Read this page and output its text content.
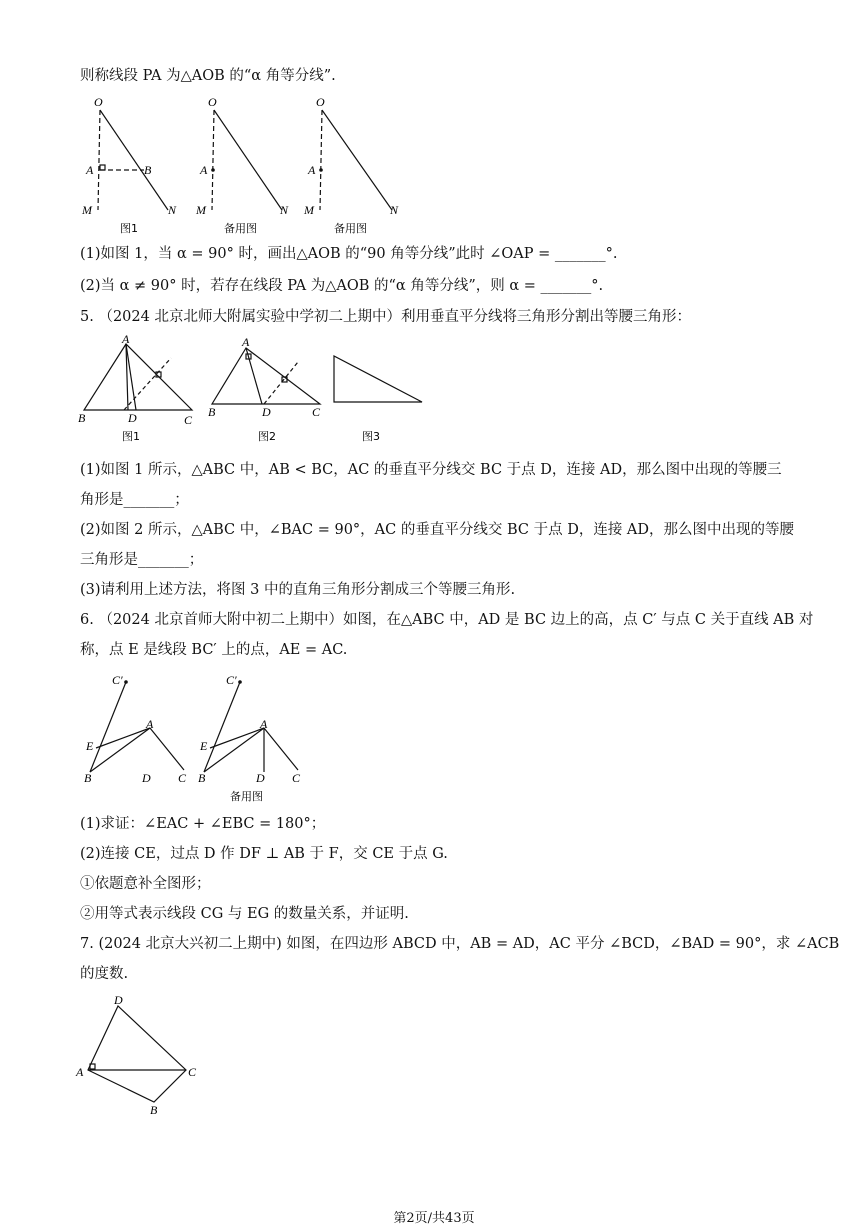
则称线段 PA 为△AOB 的“α 角等分线”.
O
A	B
M	N
图1
O
A
M	N
备用图
O
A
M	N
备用图
(1)如图 1，当 α = 90° 时，画出△AOB 的“90 角等分线”此时 ∠OAP = _______°.
(2)当 α ≠ 90° 时，若存在线段 PA 为△AOB 的“α 角等分线”，则 α = _______°.
5. （2024 北京北师大附属实验中学初二上期中）利用垂直平分线将三角形分割出等腰三角形：
A
B	D	C
图1
A
B	D	C
图2	图3
(1)如图 1 所示，△ABC 中，AB < BC，AC 的垂直平分线交 BC 于点 D，连接 AD，那么图中出现的等腰三
角形是_______；
(2)如图 2 所示，△ABC 中，∠BAC = 90°，AC 的垂直平分线交 BC 于点 D，连接 AD，那么图中出现的等腰
三角形是_______；
(3)请利用上述方法，将图 3 中的直角三角形分割成三个等腰三角形.
6. （2024 北京首师大附中初二上期中）如图，在△ABC 中，AD 是 BC 边上的高，点 C′ 与点 C 关于直线 AB 对
称，点 E 是线段 BC′ 上的点，AE = AC.
C′
A
E
B	D C
C′
A
E
B	D C
备用图
(1)求证：∠EAC + ∠EBC = 180°；
(2)连接 CE，过点 D 作 DF ⊥ AB 于 F，交 CE 于点 G.
①依题意补全图形；
②用等式表示线段 CG 与 EG 的数量关系，并证明.
7. (2024 北京大兴初二上期中) 如图，在四边形 ABCD 中，AB = AD，AC 平分 ∠BCD，∠BAD = 90°，求 ∠ACB
的度数.
D
A	C
B
第2页/共43页
